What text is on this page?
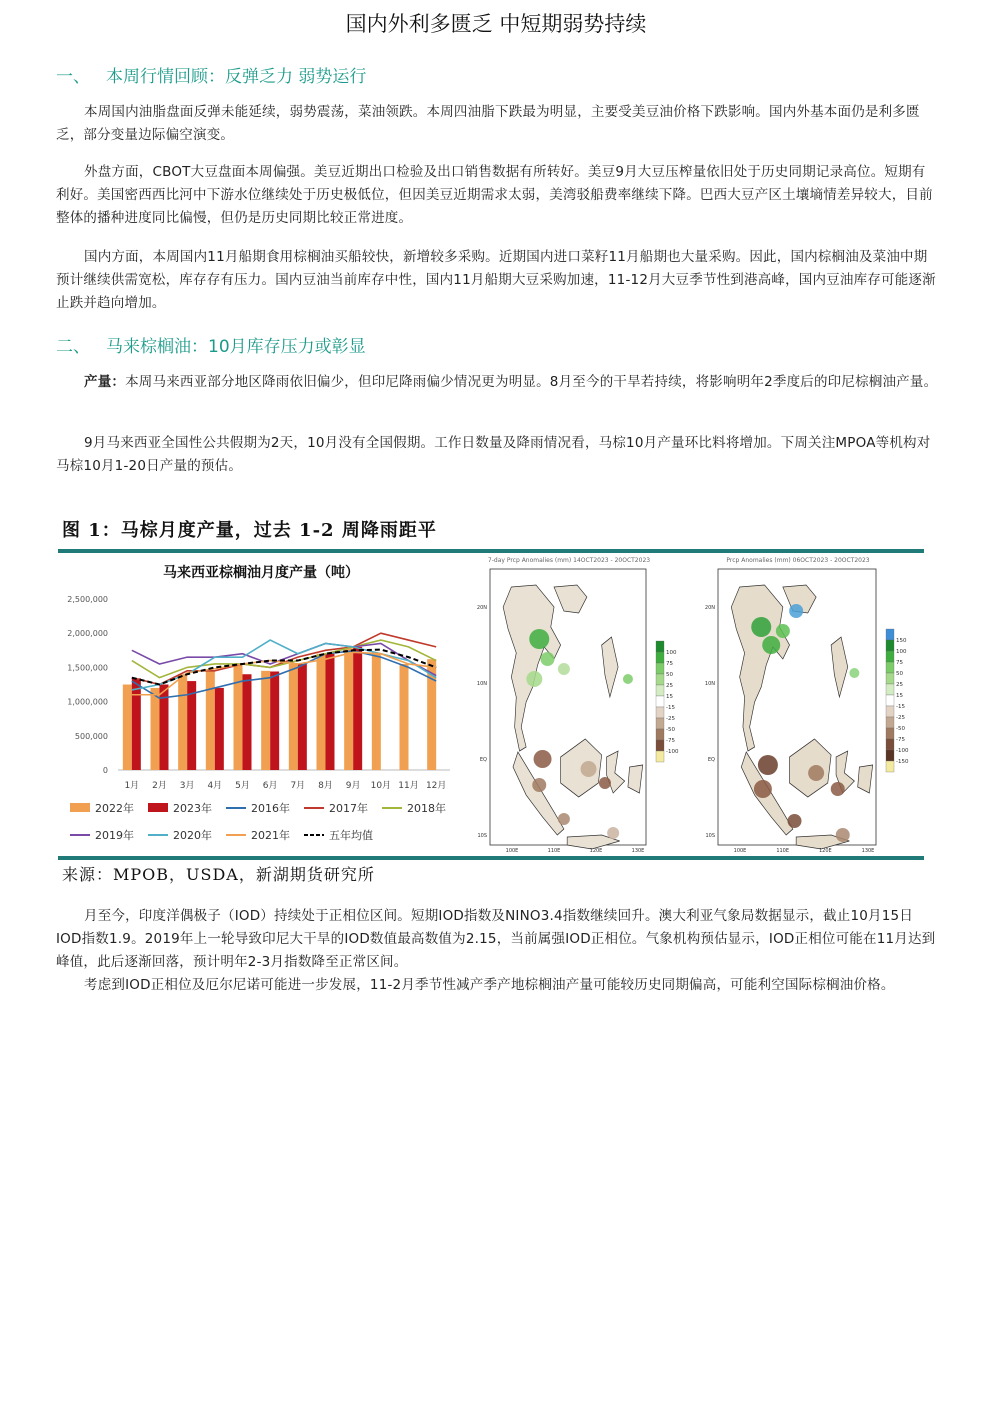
国内外利多匮乏 中短期弱势持续
一、 本周行情回顾：反弹乏力 弱势运行
本周国内油脂盘面反弹未能延续，弱势震荡，菜油领跌。本周四油脂下跌最为明显，主要受美豆油价格下跌影响。国内外基本面仍是利多匮乏，部分变量边际偏空演变。
外盘方面，CBOT大豆盘面本周偏强。美豆近期出口检验及出口销售数据有所转好。美豆9月大豆压榨量依旧处于历史同期记录高位。短期有利好。美国密西西比河中下游水位继续处于历史极低位，但因美豆近期需求太弱，美湾驳船费率继续下降。巴西大豆产区土壤墒情差异较大，目前整体的播种进度同比偏慢，但仍是历史同期比较正常进度。
国内方面，本周国内11月船期食用棕榈油买船较快，新增较多采购。近期国内进口菜籽11月船期也大量采购。因此，国内棕榈油及菜油中期预计继续供需宽松，库存存有压力。国内豆油当前库存中性，国内11月船期大豆采购加速，11-12月大豆季节性到港高峰，国内豆油库存可能逐渐止跌并趋向增加。
二、 马来棕榈油：10月库存压力或彰显
产量：本周马来西亚部分地区降雨依旧偏少，但印尼降雨偏少情况更为明显。8月至今的干旱若持续，将影响明年2季度后的印尼棕榈油产量。
9月马来西亚全国性公共假期为2天，10月没有全国假期。工作日数量及降雨情况看，马棕10月产量环比料将增加。下周关注MPOA等机构对马棕10月1-20日产量的预估。
图 1：马棕月度产量，过去 1-2 周降雨距平
马来西亚棕榈油月度产量（吨）
0
500,000
1,000,000
1,500,000
2,000,000
2,500,000
1月 2月 3月 4月 5月 6月 7月 8月 9月 10月 11月 12月
2022年	2023年	2016年	2017年	2018年
2019年	2020年	2021年	五年均值
7-day Prcp Anomalies (mm) 14OCT2023 - 20OCT2023
20N
10N
EQ
10S
100E	110E	120E	130E
100
75
50
25
15
-15
-25
-50
-75
-100
Prcp Anomalies (mm) 06OCT2023 - 20OCT2023
20N
10N
EQ
10S
100E	110E	120E	130E
150
100
75
50
25
15
-15
-25
-50
-75
-100
-150
来源：MPOB，USDA，新湖期货研究所
月至今，印度洋偶极子（IOD）持续处于正相位区间。短期IOD指数及NINO3.4指数继续回升。澳大利亚气象局数据显示，截止10月15日IOD指数1.9。2019年上一轮导致印尼大干旱的IOD数值最高数值为2.15，当前属强IOD正相位。气象机构预估显示，IOD正相位可能在11月达到峰值，此后逐渐回落，预计明年2-3月指数降至正常区间。
考虑到IOD正相位及厄尔尼诺可能进一步发展，11-2月季节性减产季产地棕榈油产量可能较历史同期偏高，可能利空国际棕榈油价格。
